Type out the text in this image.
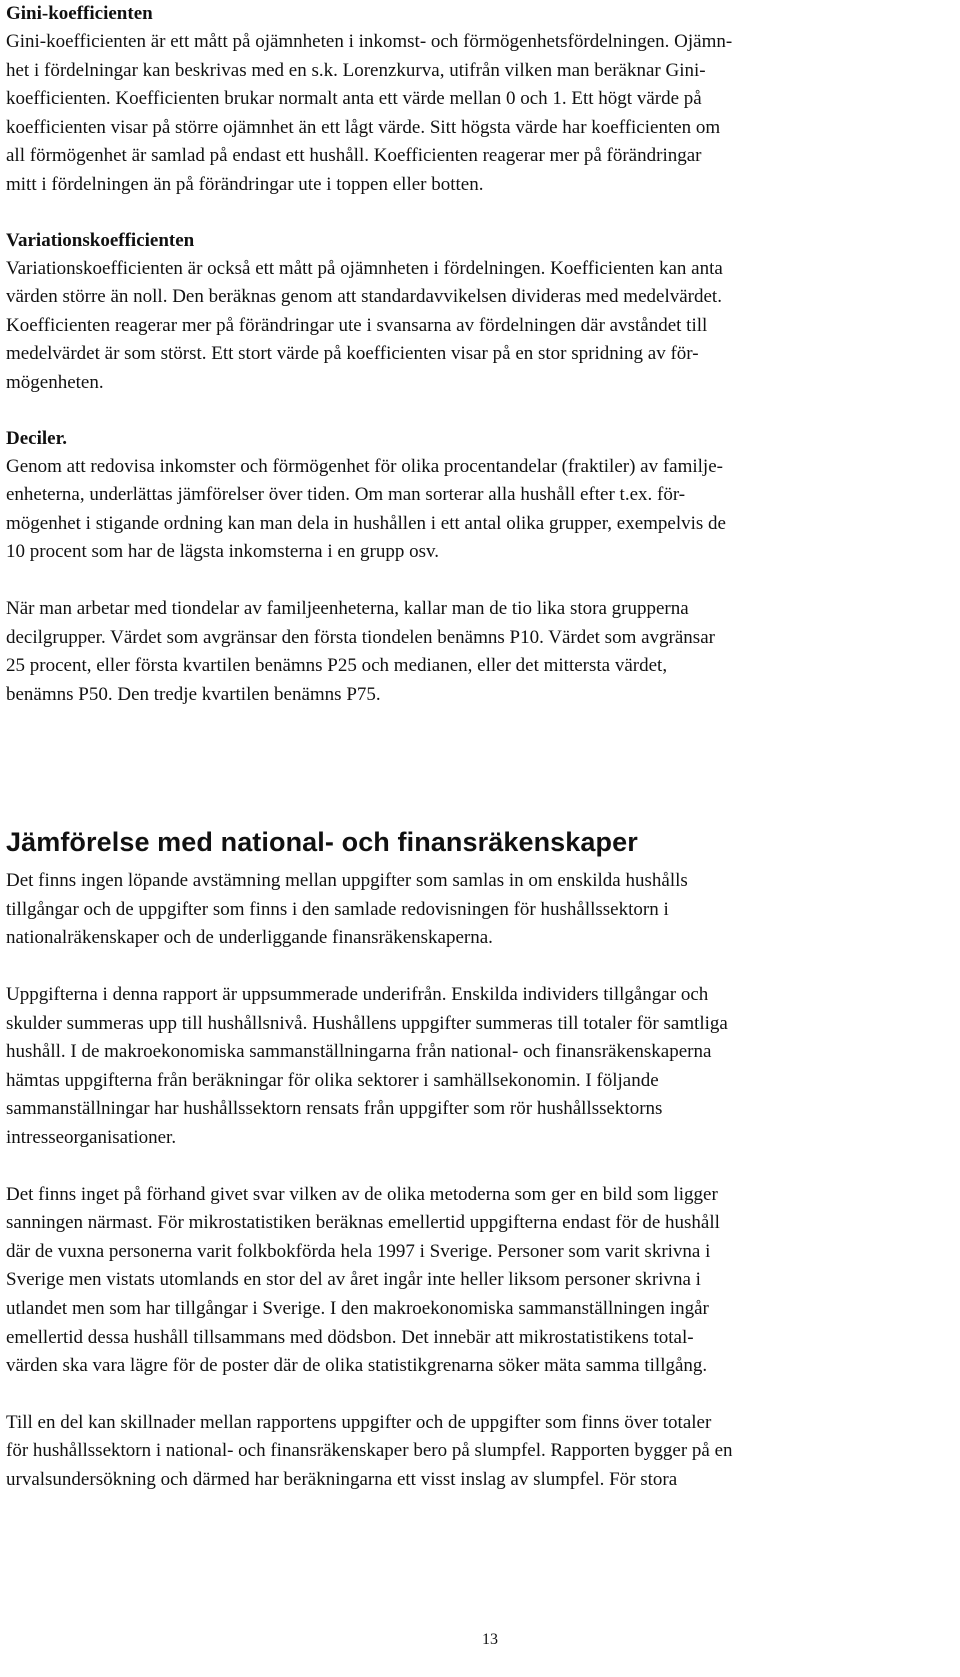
Gini-koefficienten

Gini-koefficienten är ett mått på ojämnheten i inkomst- och förmögenhetsfördelningen. Ojämn-
het i fördelningar kan beskrivas med en s.k. Lorenzkurva, utifrån vilken man beräknar Gini-
koefficienten. Koefficienten brukar normalt anta ett värde mellan 0 och 1. Ett högt värde på
koefficienten visar på större ojämnhet än ett lågt värde. Sitt högsta värde har koefficienten om
all förmögenhet är samlad på endast ett hushåll. Koefficienten reagerar mer på förändringar
mitt i fördelningen än på förändringar ute i toppen eller botten.

Variationskoefficienten

Variationskoefficienten är också ett mått på ojämnheten i fördelningen. Koefficienten kan anta
värden större än noll. Den beräknas genom att standardavvikelsen divideras med medelvärdet.
Koefficienten reagerar mer på förändringar ute i svansarna av fördelningen där avståndet till
medelvärdet är som störst. Ett stort värde på koefficienten visar på en stor spridning av för-
mögenheten.

Deciler.

Genom att redovisa inkomster och förmögenhet för olika procentandelar (fraktiler) av familje-
enheterna, underlättas jämförelser över tiden. Om man sorterar alla hushåll efter t.ex. för-
mögenhet i stigande ordning kan man dela in hushållen i ett antal olika grupper, exempelvis de
10 procent som har de lägsta inkomsterna i en grupp osv.

När man arbetar med tiondelar av familjeenheterna, kallar man de tio lika stora grupperna
decilgrupper. Värdet som avgränsar den första tiondelen benämns P10. Värdet som avgränsar
25 procent, eller första kvartilen benämns P25 och medianen, eller det mittersta värdet,
benämns P50. Den tredje kvartilen benämns P75.

Jämförelse med national- och finansräkenskaper

Det finns ingen löpande avstämning mellan uppgifter som samlas in om enskilda hushålls
tillgångar och de uppgifter som finns i den samlade redovisningen för hushållssektorn i
nationalräkenskaper och de underliggande finansräkenskaperna.

Uppgifterna i denna rapport är uppsummerade underifrån. Enskilda individers tillgångar och
skulder summeras upp till hushållsnivå. Hushållens uppgifter summeras till totaler för samtliga
hushåll. I de makroekonomiska sammanställningarna från national- och finansräkenskaperna
hämtas uppgifterna från beräkningar för olika sektorer i samhällsekonomin. I följande
sammanställningar har hushållssektorn rensats från uppgifter som rör hushållssektorns
intresseorganisationer.

Det finns inget på förhand givet svar vilken av de olika metoderna som ger en bild som ligger
sanningen närmast. För mikrostatistiken beräknas emellertid uppgifterna endast för de hushåll
där de vuxna personerna varit folkbokförda hela 1997 i Sverige. Personer som varit skrivna i
Sverige men vistats utomlands en stor del av året ingår inte heller liksom personer skrivna i
utlandet men som har tillgångar i Sverige. I den makroekonomiska sammanställningen ingår
emellertid dessa hushåll tillsammans med dödsbon. Det innebär att mikrostatistikens total-
värden ska vara lägre för de poster där de olika statistikgrenarna söker mäta samma tillgång.

Till en del kan skillnader mellan rapportens uppgifter och de uppgifter som finns över totaler
för hushållssektorn i national- och finansräkenskaper bero på slumpfel. Rapporten bygger på en
urvalsundersökning och därmed har beräkningarna ett visst inslag av slumpfel. För stora

13
